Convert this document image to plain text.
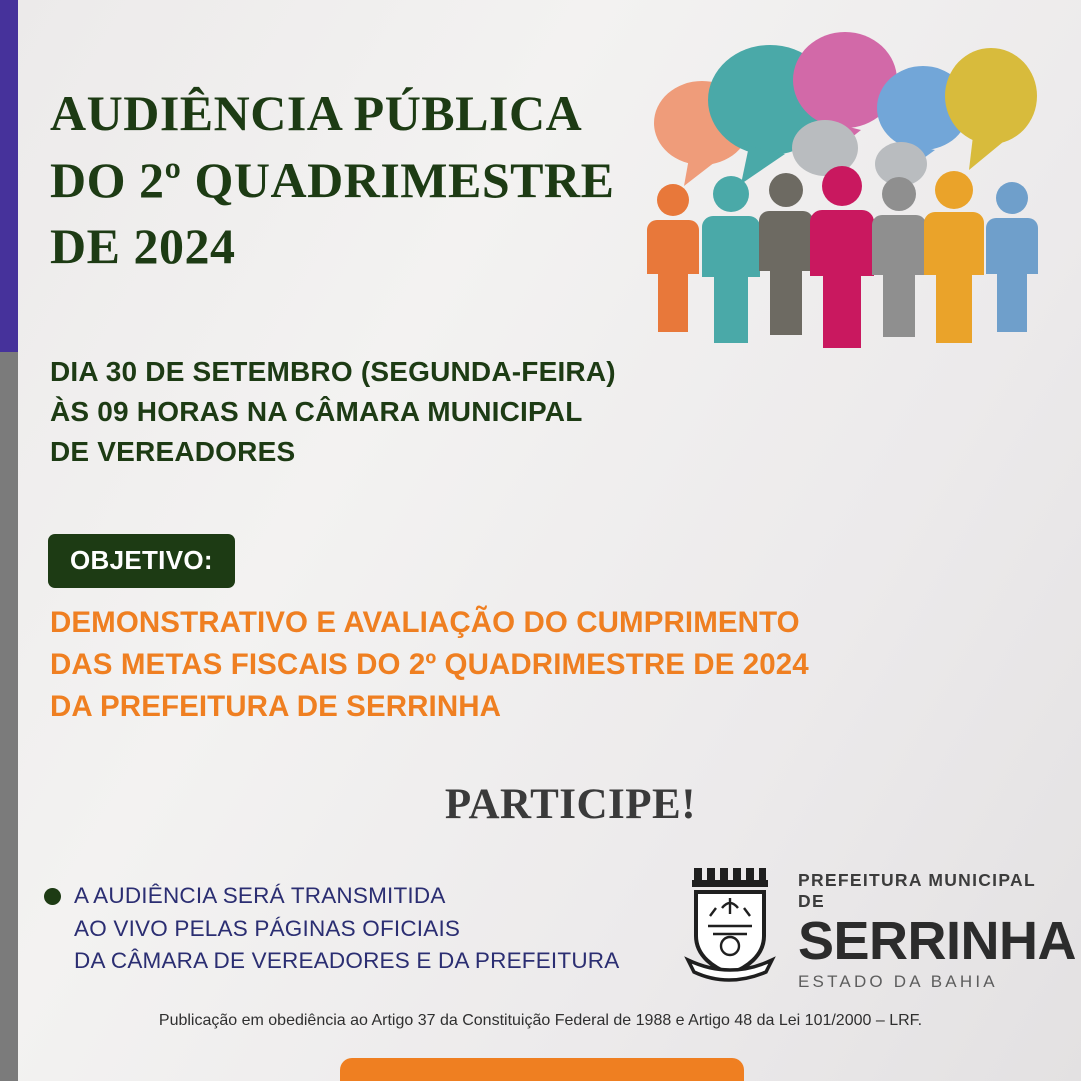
AUDIÊNCIA PÚBLICA
DO 2º QUADRIMESTRE
DE 2024
DIA 30 DE SETEMBRO (SEGUNDA-FEIRA)
ÀS 09 HORAS NA CÂMARA MUNICIPAL
DE VEREADORES
OBJETIVO:
DEMONSTRATIVO E AVALIAÇÃO DO CUMPRIMENTO
DAS METAS FISCAIS DO 2º QUADRIMESTRE DE 2024
DA PREFEITURA DE SERRINHA
PARTICIPE!
A AUDIÊNCIA SERÁ TRANSMITIDA
AO VIVO PELAS PÁGINAS OFICIAIS
DA CÂMARA DE VEREADORES E DA PREFEITURA
PREFEITURA MUNICIPAL DE
SERRINHA
ESTADO DA BAHIA
Publicação em obediência ao Artigo 37 da Constituição Federal de 1988 e Artigo 48 da Lei 101/2000 – LRF.
